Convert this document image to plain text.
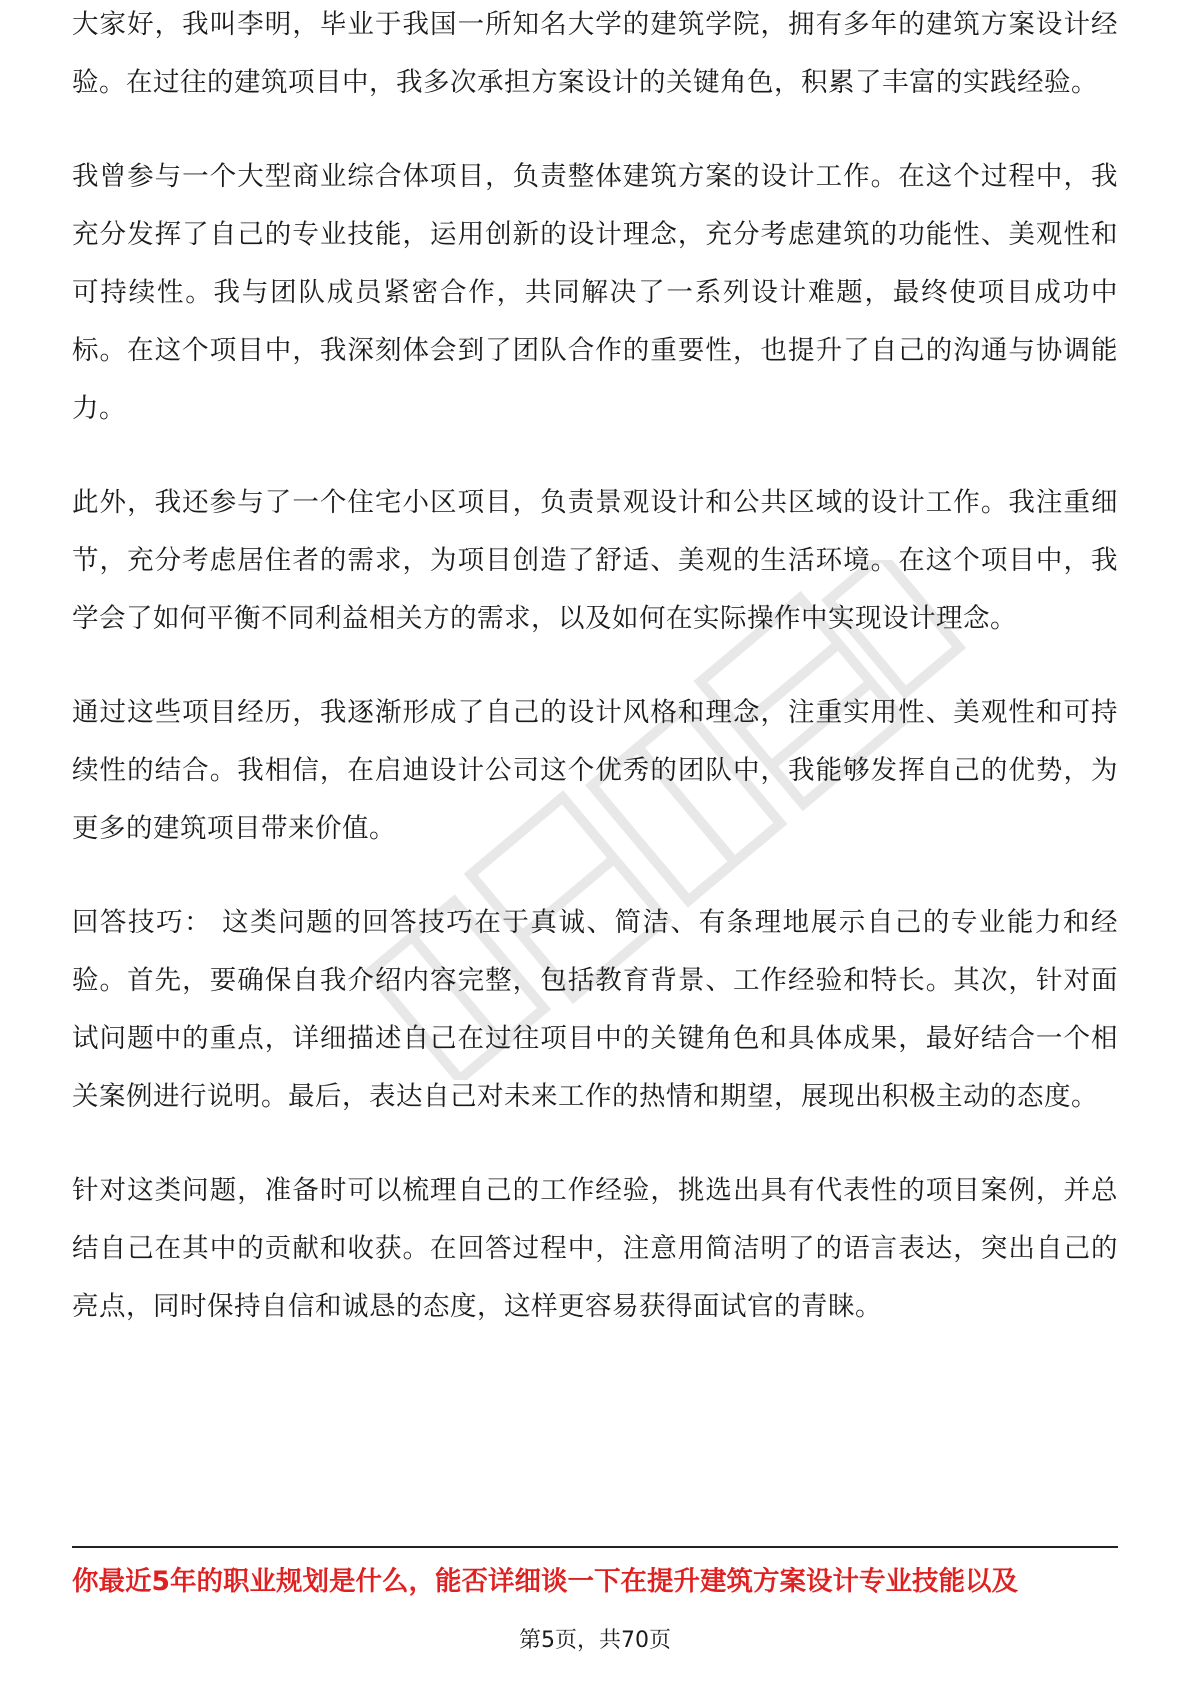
大家好，我叫李明，毕业于我国一所知名大学的建筑学院，拥有多年的建筑方案设计经验。在过往的建筑项目中，我多次承担方案设计的关键角色，积累了丰富的实践经验。

我曾参与一个大型商业综合体项目，负责整体建筑方案的设计工作。在这个过程中，我充分发挥了自己的专业技能，运用创新的设计理念，充分考虑建筑的功能性、美观性和可持续性。我与团队成员紧密合作，共同解决了一系列设计难题，最终使项目成功中标。在这个项目中，我深刻体会到了团队合作的重要性，也提升了自己的沟通与协调能力。

此外，我还参与了一个住宅小区项目，负责景观设计和公共区域的设计工作。我注重细节，充分考虑居住者的需求，为项目创造了舒适、美观的生活环境。在这个项目中，我学会了如何平衡不同利益相关方的需求，以及如何在实际操作中实现设计理念。

通过这些项目经历，我逐渐形成了自己的设计风格和理念，注重实用性、美观性和可持续性的结合。我相信，在启迪设计公司这个优秀的团队中，我能够发挥自己的优势，为更多的建筑项目带来价值。

回答技巧： 这类问题的回答技巧在于真诚、简洁、有条理地展示自己的专业能力和经验。首先，要确保自我介绍内容完整，包括教育背景、工作经验和特长。其次，针对面试问题中的重点，详细描述自己在过往项目中的关键角色和具体成果，最好结合一个相关案例进行说明。最后，表达自己对未来工作的热情和期望，展现出积极主动的态度。

针对这类问题，准备时可以梳理自己的工作经验，挑选出具有代表性的项目案例，并总结自己在其中的贡献和收获。在回答过程中，注意用简洁明了的语言表达，突出自己的亮点，同时保持自信和诚恳的态度，这样更容易获得面试官的青睐。

你最近5年的职业规划是什么，能否详细谈一下在提升建筑方案设计专业技能以及
第5页，共70页
